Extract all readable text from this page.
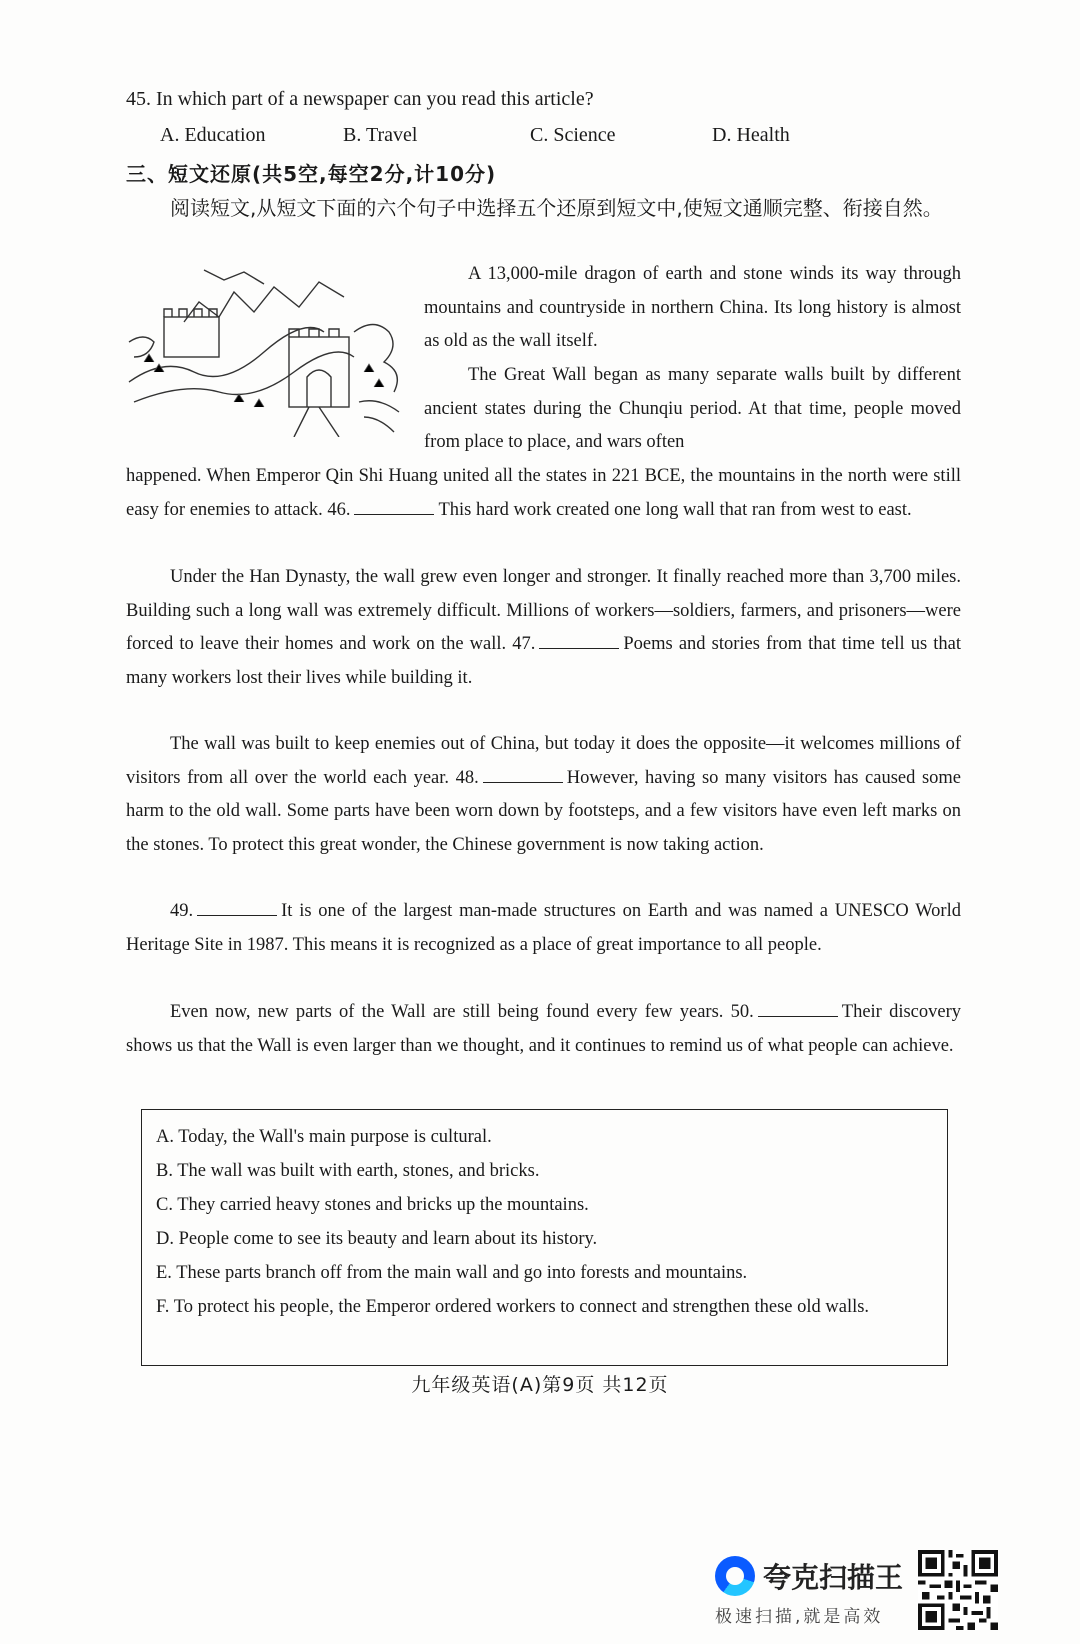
45. In which part of a newspaper can you read this article?
A. Education	B. Travel	C. Science	D. Health
三、短文还原(共5空,每空2分,计10分)
阅读短文,从短文下面的六个句子中选择五个还原到短文中,使短文通顺完整、衔接自然。
A 13,000-mile dragon of earth and stone winds its way through mountains and countryside in northern China. Its long history is almost as old as the wall itself.
The Great Wall began as many separate walls built by different ancient states during the Chunqiu period. At that time, people moved from place to place, and wars often
happened. When Emperor Qin Shi Huang united all the states in 221 BCE, the mountains in the north were still easy for enemies to attack. 46.	This hard work created one long wall that ran from west to east.
Under the Han Dynasty, the wall grew even longer and stronger. It finally reached more than 3,700 miles. Building such a long wall was extremely difficult. Millions of workers—soldiers, farmers, and prisoners—were forced to leave their homes and work on the wall. 47.	Poems and stories from that time tell us that many workers lost their lives while building it.
The wall was built to keep enemies out of China, but today it does the opposite—it welcomes millions of visitors from all over the world each year. 48.	However, having so many visitors has caused some harm to the old wall. Some parts have been worn down by footsteps, and a few visitors have even left marks on the stones. To protect this great wonder, the Chinese government is now taking action.
49.	It is one of the largest man-made structures on Earth and was named a UNESCO World Heritage Site in 1987. This means it is recognized as a place of great importance to all people.
Even now, new parts of the Wall are still being found every few years. 50.	Their discovery shows us that the Wall is even larger than we thought, and it continues to remind us of what people can achieve.
A. Today, the Wall's main purpose is cultural.
B. The wall was built with earth, stones, and bricks.
C. They carried heavy stones and bricks up the mountains.
D. People come to see its beauty and learn about its history.
E. These parts branch off from the main wall and go into forests and mountains.
F. To protect his people, the Emperor ordered workers to connect and strengthen these old walls.
九年级英语(A)第9页 共12页
夸克扫描王
极速扫描,就是高效
